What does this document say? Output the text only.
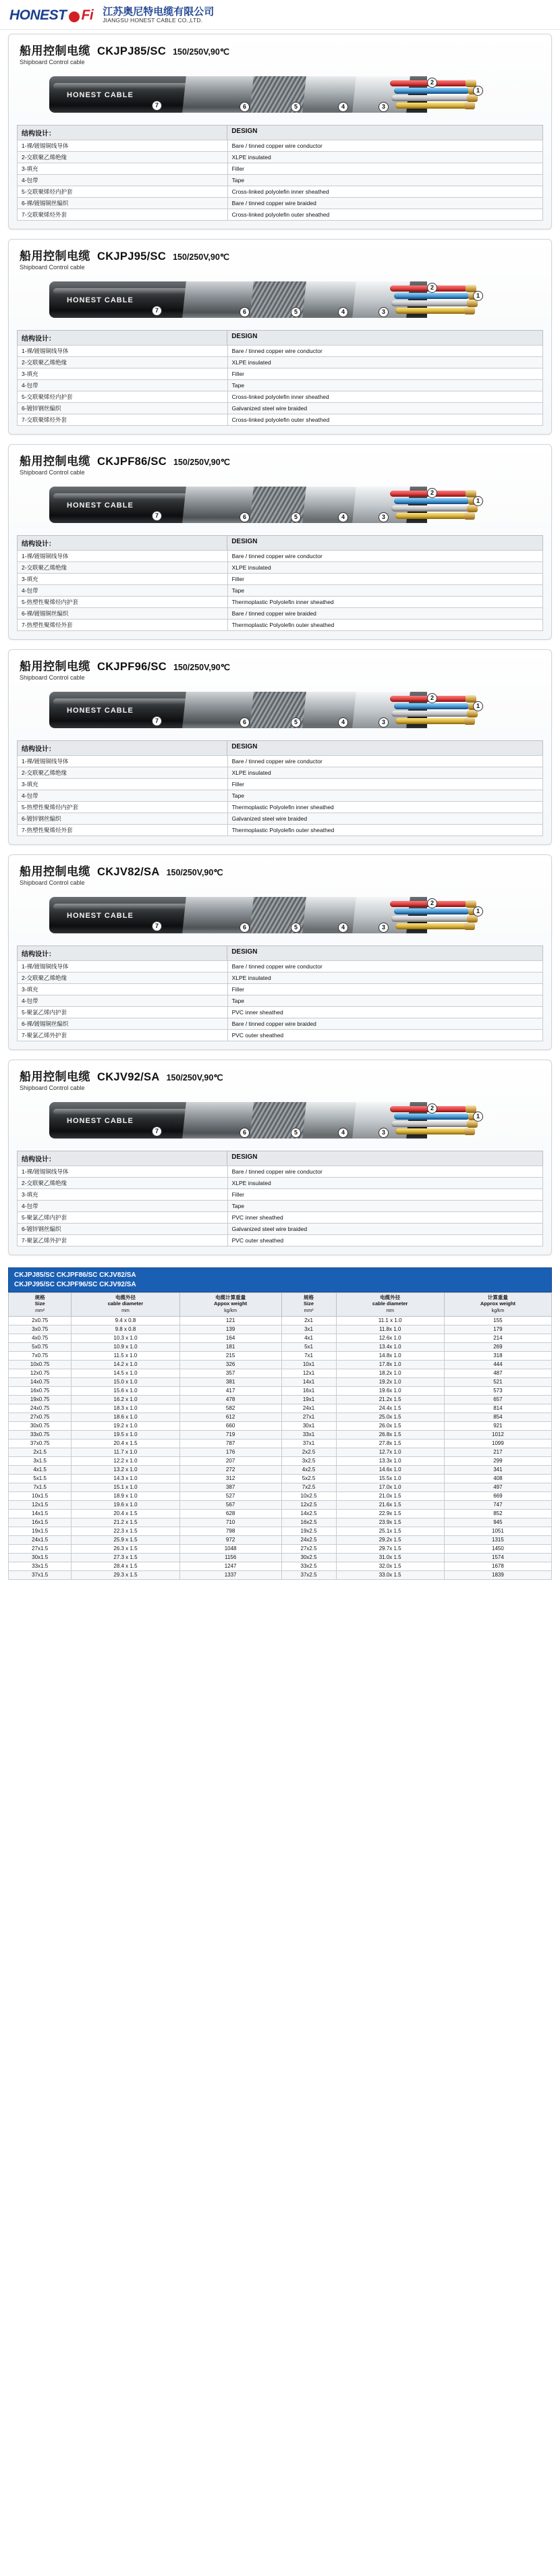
HONEST Fi 江苏奥尼特电缆有限公司
JIANGSU HONEST CABLE CO.,LTD.
船用控制电缆 CKJPJ85/SC 150/250V,90℃
Shipboard Control cable
HONEST CABLE
7	6	5	4	3
2
1
结构设计：	DESIGN
1-裸/镀锡铜线导体	Bare / tinned copper wire conductor
2-交联聚乙烯绝缘	XLPE insulated
3-填充	Filler
4-包带	Tape
5-交联聚烯烃内护套	Cross-linked polyolefin inner sheathed
6-裸/镀锡铜丝编织	Bare / tinned copper wire braided
7-交联聚烯烃外套	Cross-linked polyolefin outer sheathed
船用控制电缆 CKJPJ95/SC 150/250V,90℃
Shipboard Control cable
HONEST CABLE
7	6	5	4	3
2
1
结构设计：	DESIGN
1-裸/镀锡铜线导体	Bare / tinned copper wire conductor
2-交联聚乙烯绝缘	XLPE insulated
3-填充	Filler
4-包带	Tape
5-交联聚烯烃内护套	Cross-linked polyolefin inner sheathed
6-镀锌钢丝编织	Galvanized steel wire braided
7-交联聚烯烃外套	Cross-linked polyolefin outer sheathed
船用控制电缆 CKJPF86/SC 150/250V,90℃
Shipboard Control cable
HONEST CABLE
7	6	5	4	3
2
1
结构设计：	DESIGN
1-裸/镀锡铜线导体	Bare / tinned copper wire conductor
2-交联聚乙烯绝缘	XLPE insulated
3-填充	Filler
4-包带	Tape
5-热塑性聚烯烃内护套	Thermoplastic Polyolefin inner sheathed
6-裸/镀锡铜丝编织	Bare / tinned copper wire braided
7-热塑性聚烯烃外套	Thermoplastic Polyolefin outer sheathed
船用控制电缆 CKJPF96/SC 150/250V,90℃
Shipboard Control cable
HONEST CABLE
7	6	5	4	3
2
1
结构设计：	DESIGN
1-裸/镀锡铜线导体	Bare / tinned copper wire conductor
2-交联聚乙烯绝缘	XLPE insulated
3-填充	Filler
4-包带	Tape
5-热塑性聚烯烃内护套	Thermoplastic Polyolefin inner sheathed
6-镀锌钢丝编织	Galvanized steel wire braided
7-热塑性聚烯烃外套	Thermoplastic Polyolefin outer sheathed
船用控制电缆 CKJV82/SA 150/250V,90℃
Shipboard Control cable
HONEST CABLE
7	6	5	4	3
2
1
结构设计：	DESIGN
1-裸/镀锡铜线导体	Bare / tinned copper wire conductor
2-交联聚乙烯绝缘	XLPE insulated
3-填充	Filler
4-包带	Tape
5-聚氯乙烯内护套	PVC inner sheathed
6-裸/镀锡铜丝编织	Bare / tinned copper wire braided
7-聚氯乙烯外护套	PVC outer sheathed
船用控制电缆 CKJV92/SA 150/250V,90℃
Shipboard Control cable
HONEST CABLE
7	6	5	4	3
2
1
结构设计：	DESIGN
1-裸/镀锡铜线导体	Bare / tinned copper wire conductor
2-交联聚乙烯绝缘	XLPE insulated
3-填充	Filler
4-包带	Tape
5-聚氯乙烯内护套	PVC inner sheathed
6-镀锌钢丝编织	Galvanized steel wire braided
7-聚氯乙烯外护套	PVC outer sheathed
CKJPJ85/SC CKJPF86/SC CKJV82/SA
CKJPJ95/SC CKJPF96/SC CKJV92/SA
规格
Size
mm²	电缆外径
cable diameter
mm	电缆计算重量
Appox weight
kg/km	规格
Size
mm²	电缆外径
cable diameter
mm	计算重量
Approx weight
kg/km
2x0.75	9.4 x 0.8	121	2x1	11.1 x 1.0	155
3x0.75	9.8 x 0.8	139	3x1	11.8x 1.0	179
4x0.75	10.3 x 1.0	164	4x1	12.6x 1.0	214
5x0.75	10.9 x 1.0	181	5x1	13.4x 1.0	269
7x0.75	11.5 x 1.0	215	7x1	14.8x 1.0	318
10x0.75	14.2 x 1.0	326	10x1	17.8x 1.0	444
12x0.75	14.5 x 1.0	357	12x1	18.2x 1.0	487
14x0.75	15.0 x 1.0	381	14x1	19.2x 1.0	521
16x0.75	15.6 x 1.0	417	16x1	19.6x 1.0	573
19x0.75	16.2 x 1.0	478	19x1	21.2x 1.5	657
24x0.75	18.3 x 1.0	582	24x1	24.4x 1.5	814
27x0.75	18.6 x 1.0	612	27x1	25.0x 1.5	854
30x0.75	19.2 x 1.0	660	30x1	26.0x 1.5	921
33x0.75	19.5 x 1.0	719	33x1	26.8x 1.5	1012
37x0.75	20.4 x 1.5	787	37x1	27.8x 1.5	1099
2x1.5	11.7 x 1.0	176	2x2.5	12.7x 1.0	217
3x1.5	12.2 x 1.0	207	3x2.5	13.3x 1.0	299
4x1.5	13.2 x 1.0	272	4x2.5	14.6x 1.0	341
5x1.5	14.3 x 1.0	312	5x2.5	15.5x 1.0	408
7x1.5	15.1 x 1.0	387	7x2.5	17.0x 1.0	497
10x1.5	18.9 x 1.0	527	10x2.5	21.0x 1.5	669
12x1.5	19.6 x 1.0	567	12x2.5	21.6x 1.5	747
14x1.5	20.4 x 1.5	628	14x2.5	22.9x 1.5	852
16x1.5	21.2 x 1.5	710	16x2.5	23.9x 1.5	945
19x1.5	22.3 x 1.5	798	19x2.5	25.1x 1.5	1051
24x1.5	25.9 x 1.5	972	24x2.5	29.2x 1.5	1315
27x1.5	26.3 x 1.5	1048	27x2.5	29.7x 1.5	1450
30x1.5	27.3 x 1.5	1156	30x2.5	31.0x 1.5	1574
33x1.5	28.4 x 1.5	1247	33x2.5	32.0x 1.5	1678
37x1.5	29.3 x 1.5	1337	37x2.5	33.0x 1.5	1839
